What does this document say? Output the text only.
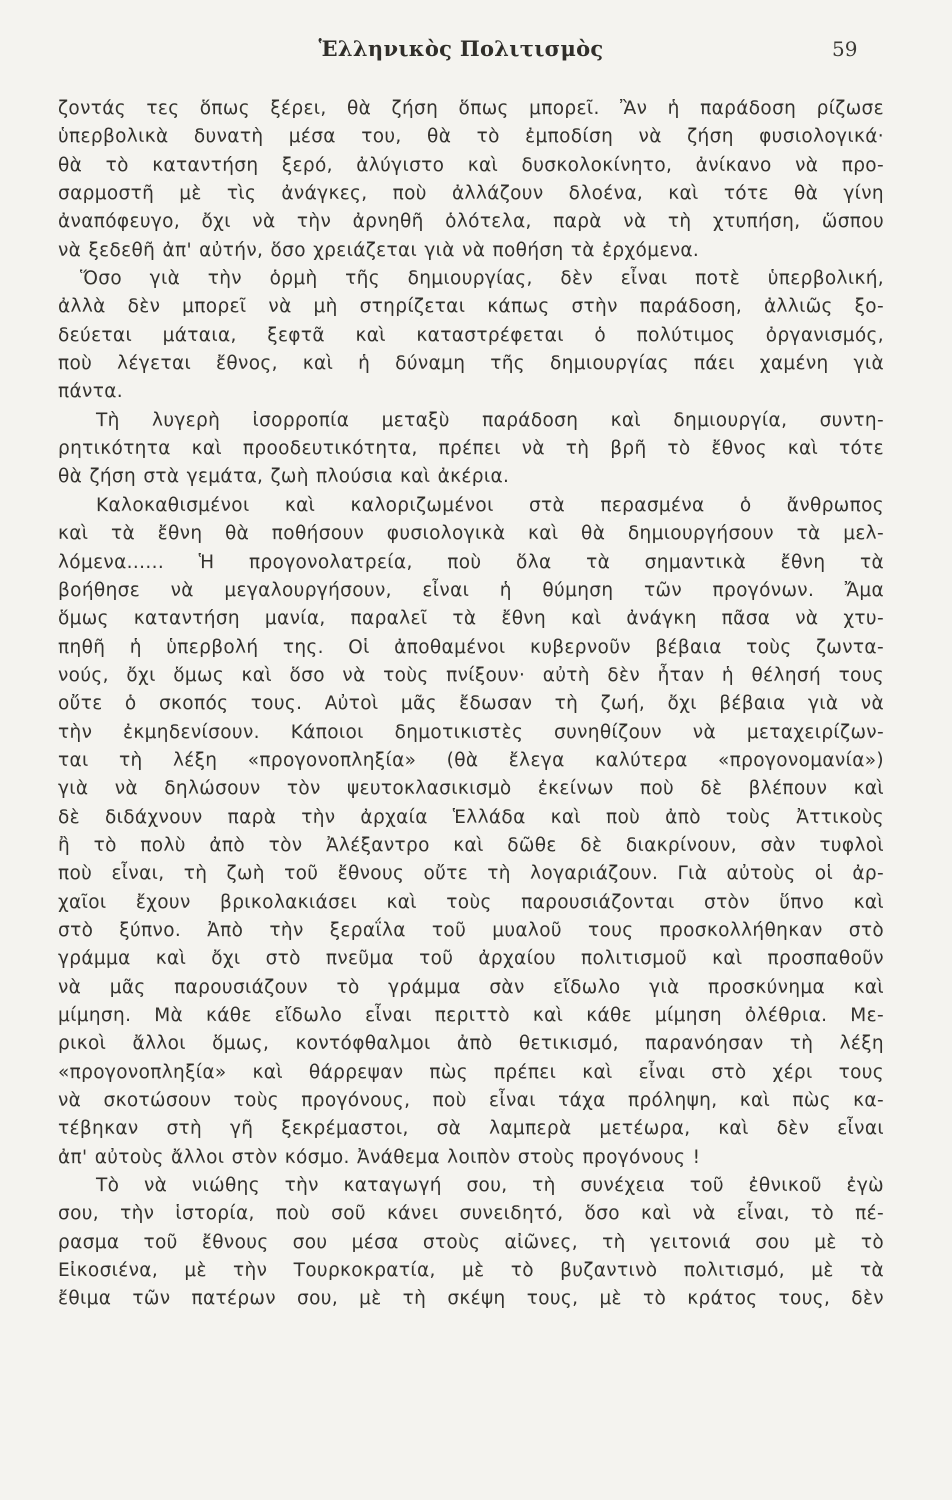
Ἑλληνικὸς Πολιτισμὸς	59
ζοντάς τες ὅπως ξέρει, θὰ ζήση ὅπως μπορεῖ. Ἂν ἡ παράδοση ρίζωσε
ὑπερβολικὰ δυνατὴ μέσα του, θὰ τὸ ἐμποδίση νὰ ζήση φυσιολογικά·
θὰ τὸ καταντήση ξερό, ἀλύγιστο καὶ δυσκολοκίνητο, ἀνίκανο νὰ προ-
σαρμοστῆ μὲ τὶς ἀνάγκες, ποὺ ἀλλάζουν δλοένα, καὶ τότε θὰ γίνη
ἀναπόφευγο, ὄχι νὰ τὴν ἀρνηθῆ ὁλότελα, παρὰ νὰ τὴ χτυπήση, ὥσπου
νὰ ξεδεθῆ ἀπ' αὐτήν, ὅσο χρειάζεται γιὰ νὰ ποθήση τὰ ἐρχόμενα.
Ὅσο γιὰ τὴν ὁρμὴ τῆς δημιουργίας, δὲν εἶναι ποτὲ ὑπερβολική,
ἀλλὰ δὲν μπορεῖ νὰ μὴ στηρίζεται κάπως στὴν παράδοση, ἀλλιῶς ξο-
δεύεται μάταια, ξεφτᾶ καὶ καταστρέφεται ὁ πολύτιμος ὀργανισμός,
ποὺ λέγεται ἔθνος, καὶ ἡ δύναμη τῆς δημιουργίας πάει χαμένη γιὰ
πάντα.
Τὴ λυγερὴ ἰσορροπία μεταξὺ παράδοση καὶ δημιουργία, συντη-
ρητικότητα καὶ προοδευτικότητα, πρέπει νὰ τὴ βρῆ τὸ ἔθνος καὶ τότε
θὰ ζήση στὰ γεμάτα, ζωὴ πλούσια καὶ ἀκέρια.
Καλοκαθισμένοι καὶ καλοριζωμένοι στὰ περασμένα ὁ ἄνθρωπος
καὶ τὰ ἔθνη θὰ ποθήσουν φυσιολογικὰ καὶ θὰ δημιουργήσουν τὰ μελ-
λόμενα...... Ἡ προγονολατρεία, ποὺ ὅλα τὰ σημαντικὰ ἔθνη τὰ
βοήθησε νὰ μεγαλουργήσουν, εἶναι ἡ θύμηση τῶν προγόνων. Ἄμα
ὅμως καταντήση μανία, παραλεῖ τὰ ἔθνη καὶ ἀνάγκη πᾶσα νὰ χτυ-
πηθῆ ἡ ὑπερβολή της. Οἱ ἀποθαμένοι κυβερνοῦν βέβαια τοὺς ζωντα-
νούς, ὄχι ὅμως καὶ ὅσο νὰ τοὺς πνίξουν· αὐτὴ δὲν ἦταν ἡ θέλησή τους
οὔτε ὁ σκοπός τους. Αὐτοὶ μᾶς ἔδωσαν τὴ ζωή, ὄχι βέβαια γιὰ νὰ
τὴν ἐκμηδενίσουν. Κάποιοι δημοτικιστὲς συνηθίζουν νὰ μεταχειρίζων-
ται τὴ λέξη «προγονοπληξία» (θὰ ἔλεγα καλύτερα «προγονομανία»)
γιὰ νὰ δηλώσουν τὸν ψευτοκλασικισμὸ ἐκείνων ποὺ δὲ βλέπουν καὶ
δὲ διδάχνουν παρὰ τὴν ἀρχαία Ἑλλάδα καὶ ποὺ ἀπὸ τοὺς Ἀττικοὺς
ἢ τὸ πολὺ ἀπὸ τὸν Ἀλέξαντρο καὶ δῶθε δὲ διακρίνουν, σὰν τυφλοὶ
ποὺ εἶναι, τὴ ζωὴ τοῦ ἔθνους οὔτε τὴ λογαριάζουν. Γιὰ αὐτοὺς οἱ ἀρ-
χαῖοι ἔχουν βρικολακιάσει καὶ τοὺς παρουσιάζονται στὸν ὕπνο καὶ
στὸ ξύπνο. Ἀπὸ τὴν ξεραΐλα τοῦ μυαλοῦ τους προσκολλήθηκαν στὸ
γράμμα καὶ ὄχι στὸ πνεῦμα τοῦ ἀρχαίου πολιτισμοῦ καὶ προσπαθοῦν
νὰ μᾶς παρουσιάζουν τὸ γράμμα σὰν εἴδωλο γιὰ προσκύνημα καὶ
μίμηση. Μὰ κάθε εἴδωλο εἶναι περιττὸ καὶ κάθε μίμηση ὀλέθρια. Με-
ρικοὶ ἄλλοι ὅμως, κοντόφθαλμοι ἀπὸ θετικισμό, παρανόησαν τὴ λέξη
«προγονοπληξία» καὶ θάρρεψαν πὼς πρέπει καὶ εἶναι στὸ χέρι τους
νὰ σκοτώσουν τοὺς προγόνους, ποὺ εἶναι τάχα πρόληψη, καὶ πὼς κα-
τέβηκαν στὴ γῆ ξεκρέμαστοι, σὰ λαμπερὰ μετέωρα, καὶ δὲν εἶναι
ἀπ' αὐτοὺς ἄλλοι στὸν κόσμο. Ἀνάθεμα λοιπὸν στοὺς προγόνους !
Τὸ νὰ νιώθης τὴν καταγωγή σου, τὴ συνέχεια τοῦ ἐθνικοῦ ἐγὼ
σου, τὴν ἱστορία, ποὺ σοῦ κάνει συνειδητό, ὅσο καὶ νὰ εἶναι, τὸ πέ-
ρασμα τοῦ ἔθνους σου μέσα στοὺς αἰῶνες, τὴ γειτονιά σου μὲ τὸ
Εἰκοσιένα, μὲ τὴν Τουρκοκρατία, μὲ τὸ βυζαντινὸ πολιτισμό, μὲ τὰ
ἔθιμα τῶν πατέρων σου, μὲ τὴ σκέψη τους, μὲ τὸ κράτος τους, δὲν
